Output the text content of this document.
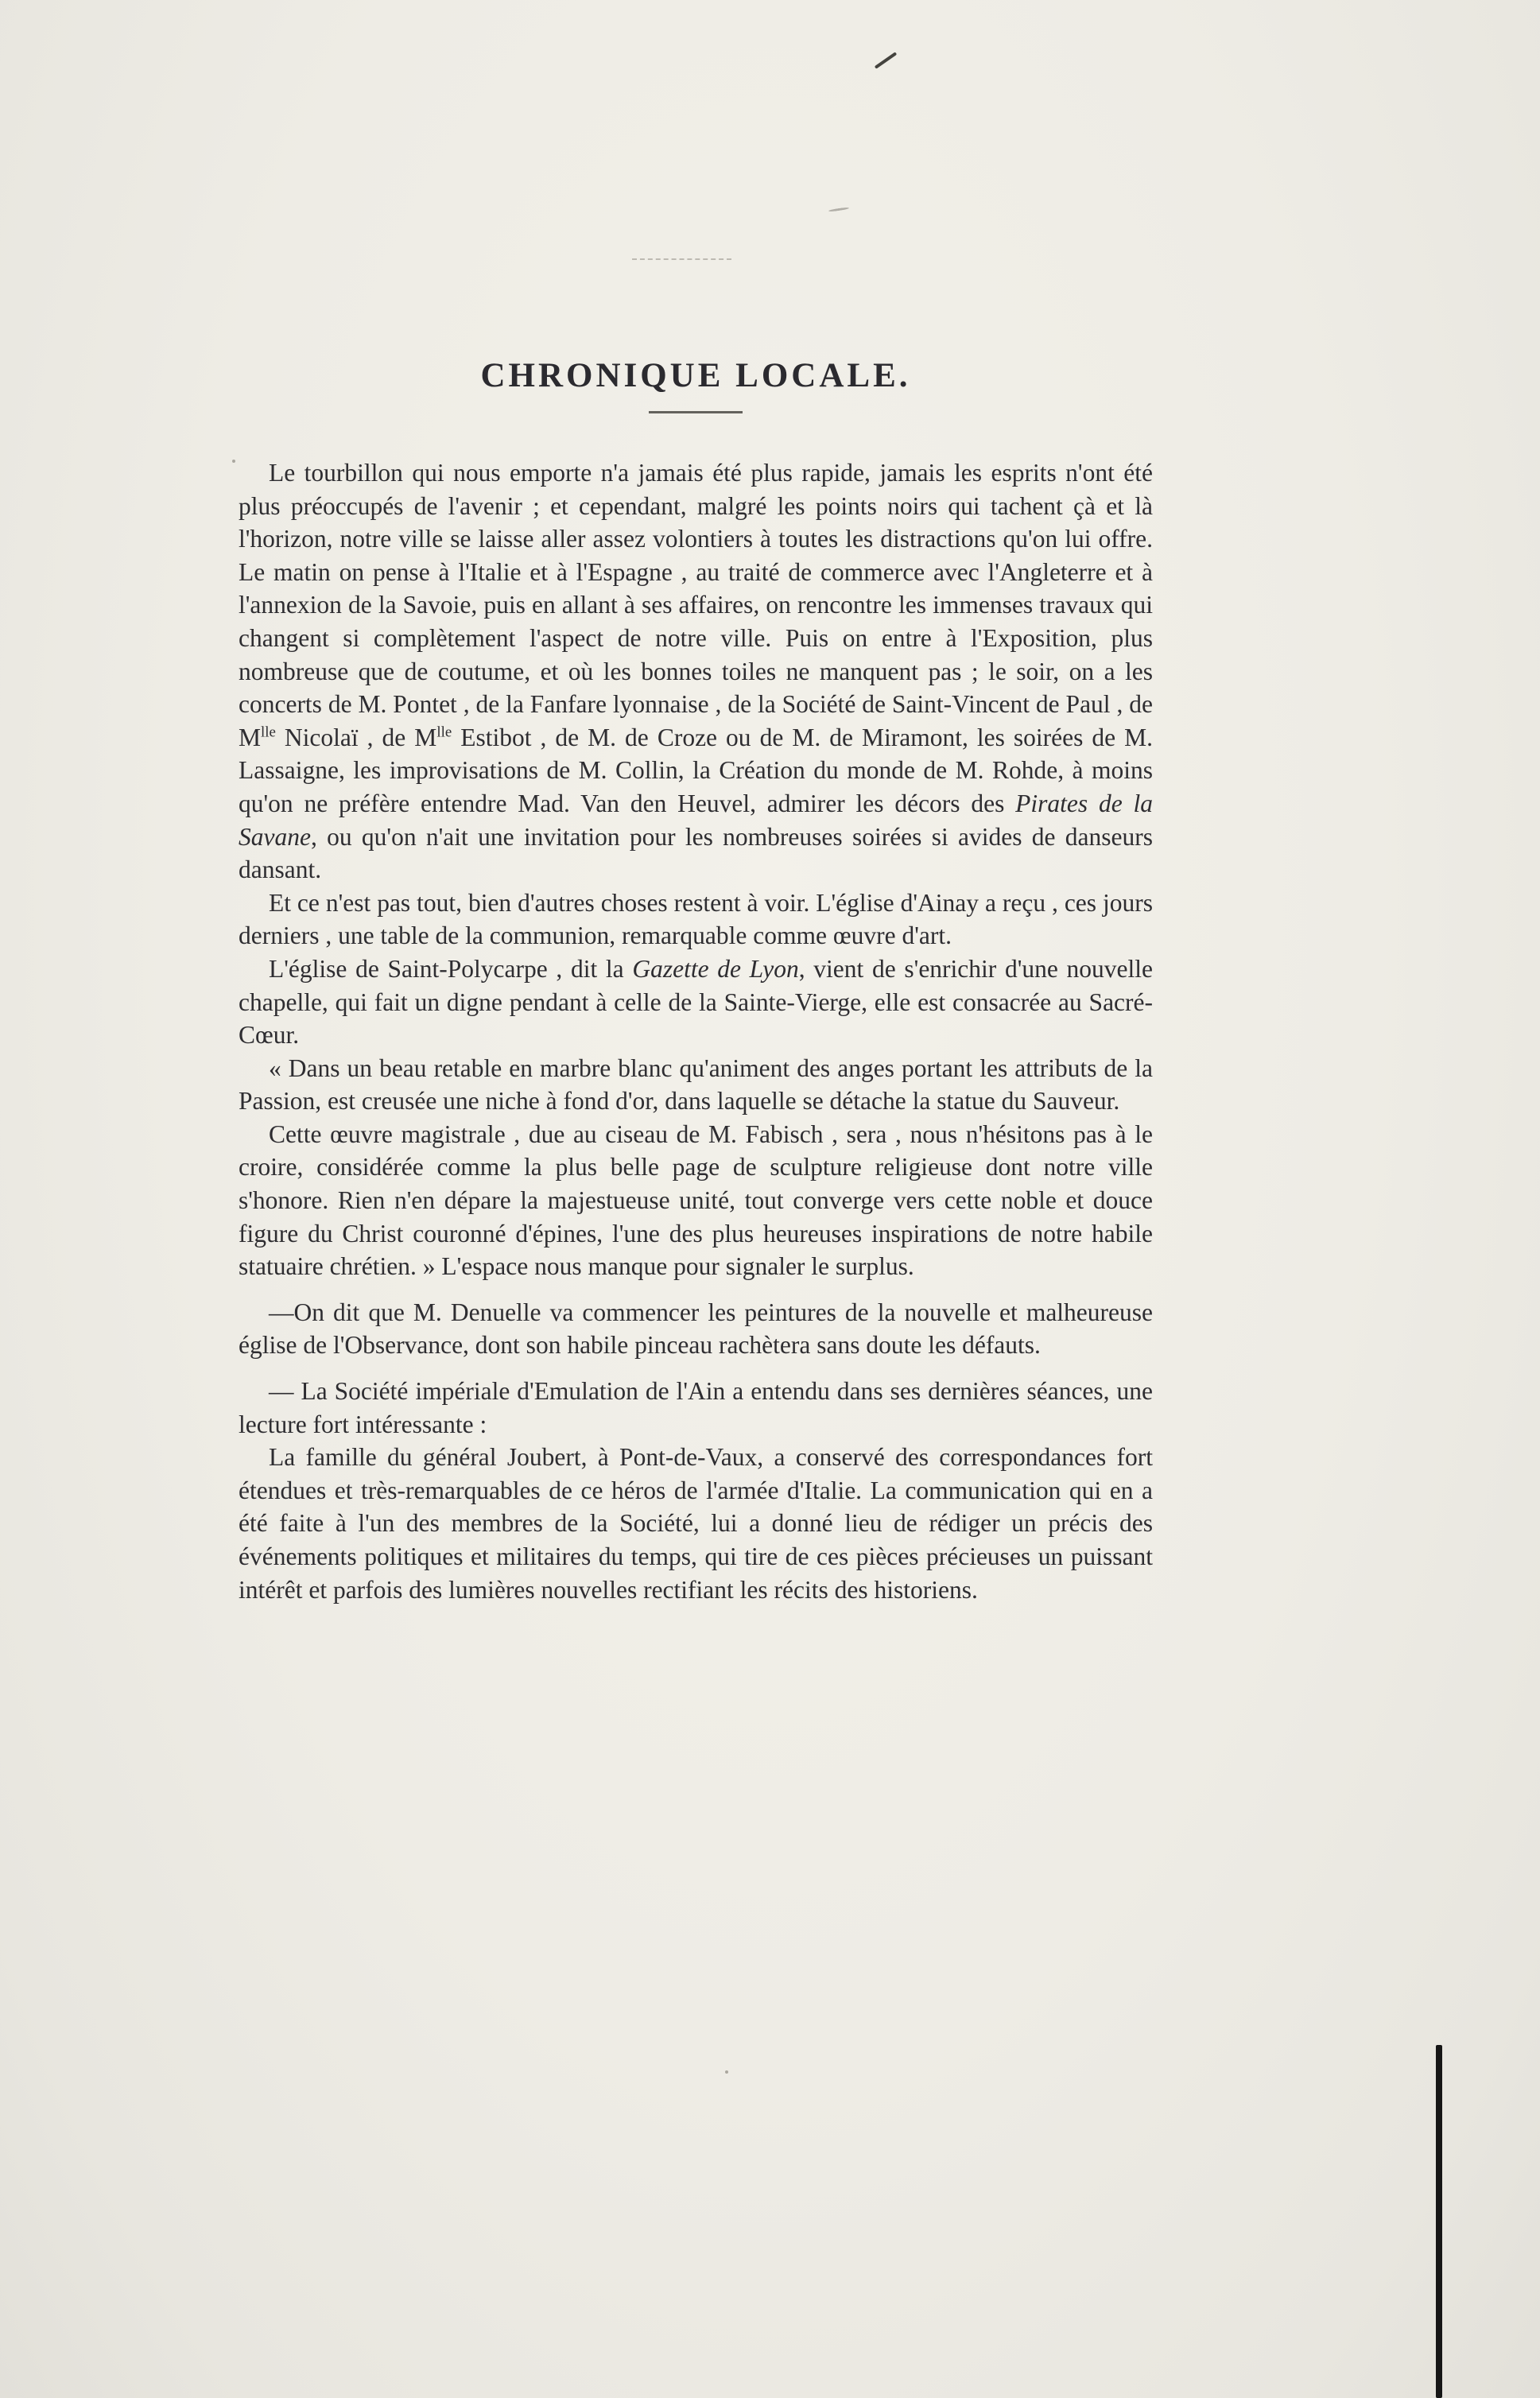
CHRONIQUE LOCALE.

Le tourbillon qui nous emporte n'a jamais été plus rapide, jamais les esprits n'ont été plus préoccupés de l'avenir ; et cependant, malgré les points noirs qui tachent çà et là l'horizon, notre ville se laisse aller assez volontiers à toutes les distractions qu'on lui offre. Le matin on pense à l'Italie et à l'Espagne , au traité de commerce avec l'Angleterre et à l'annexion de la Savoie, puis en allant à ses affaires, on rencontre les immenses travaux qui changent si complètement l'aspect de notre ville. Puis on entre à l'Exposition, plus nombreuse que de coutume, et où les bonnes toiles ne manquent pas ; le soir, on a les concerts de M. Pontet , de la Fanfare lyonnaise , de la Société de Saint-Vincent de Paul , de $M^{lle}$ Nicolaï , de $M^{lle}$ Estibot , de M. de Croze ou de M. de Miramont, les soirées de M. Lassaigne, les improvisations de M. Collin, la Création du monde de M. Rohde, à moins qu'on ne préfère entendre Mad. Van den Heuvel, admirer les décors des Pirates de la Savane, ou qu'on n'ait une invitation pour les nombreuses soirées si avides de danseurs dansant.

Et ce n'est pas tout, bien d'autres choses restent à voir. L'église d'Ainay a reçu , ces jours derniers , une table de la communion, remarquable comme œuvre d'art.

L'église de Saint-Polycarpe , dit la Gazette de Lyon, vient de s'enrichir d'une nouvelle chapelle, qui fait un digne pendant à celle de la Sainte-Vierge, elle est consacrée au Sacré-Cœur.

« Dans un beau retable en marbre blanc qu'animent des anges portant les attributs de la Passion, est creusée une niche à fond d'or, dans laquelle se détache la statue du Sauveur.

Cette œuvre magistrale , due au ciseau de M. Fabisch , sera , nous n'hésitons pas à le croire, considérée comme la plus belle page de sculpture religieuse dont notre ville s'honore. Rien n'en dépare la majestueuse unité, tout converge vers cette noble et douce figure du Christ couronné d'épines, l'une des plus heureuses inspirations de notre habile statuaire chrétien. » L'espace nous manque pour signaler le surplus.

—On dit que M. Denuelle va commencer les peintures de la nouvelle et malheureuse église de l'Observance, dont son habile pinceau rachètera sans doute les défauts.

— La Société impériale d'Emulation de l'Ain a entendu dans ses dernières séances, une lecture fort intéressante :

La famille du général Joubert, à Pont-de-Vaux, a conservé des correspondances fort étendues et très-remarquables de ce héros de l'armée d'Italie. La communication qui en a été faite à l'un des membres de la Société, lui a donné lieu de rédiger un précis des événements politiques et militaires du temps, qui tire de ces pièces précieuses un puissant intérêt et parfois des lumières nouvelles rectifiant les récits des historiens.
